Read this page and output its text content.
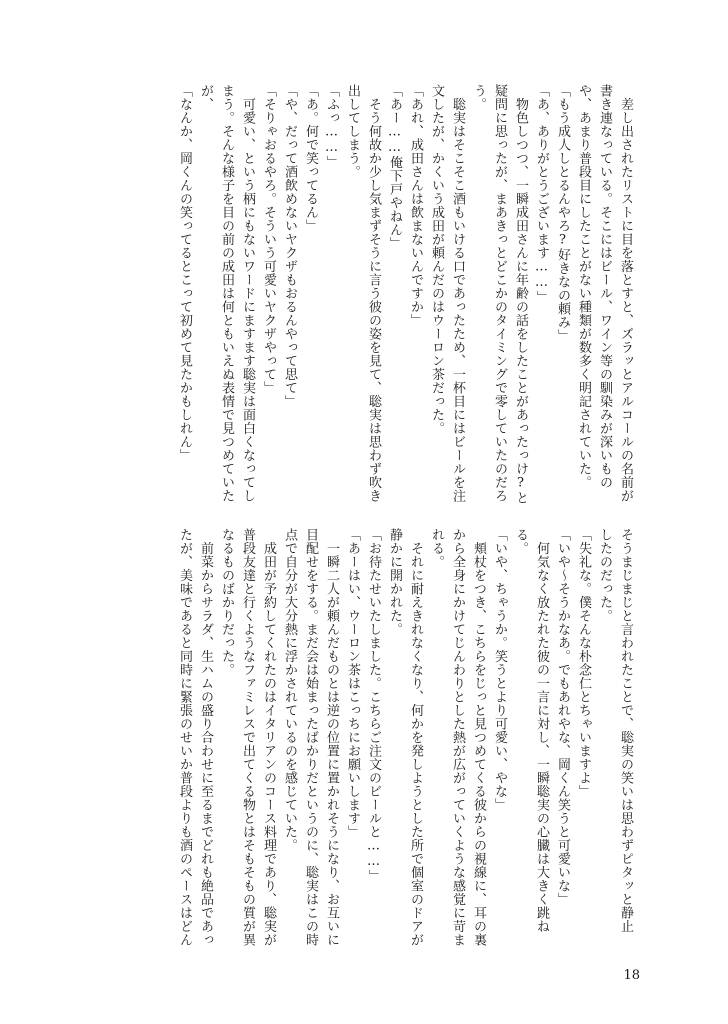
　差し出されたリストに目を落とすと、ズラッとアルコールの名前が
書き連なっている。そこにはビール、ワイン等の馴染みが深いもの
や、あまり普段目にしたことがない種類が数多く明記されていた。
「もう成人しとるんやろ?好きなの頼み」
「あ、ありがとうございます……」
　物色しつつ、一瞬成田さんに年齢の話をしたことがあったっけ?と
疑問に思ったが、まあきっとどこかのタイミングで零していたのだろ
う。
　聡実はそこそこ酒もいける口であったため、一杯目にはビールを注
文したが、かくいう成田が頼んだのはウーロン茶だった。
「あれ、成田さんは飲まないんですか」
「あー……俺下戸やねん」
　そう何故か少し気まずそうに言う彼の姿を見て、聡実は思わず吹き
出してしまう。
「ふっ……」
「あ。何で笑ってるん」
「や、だって酒飲めないヤクザもおるんやって思て」
「そりゃおるやろ。そういう可愛いヤクザやって」
　可愛い、という柄にもないワードにますます聡実は面白くなってし
まう。そんな様子を目の前の成田は何ともいえぬ表情で見つめていた
が、
「なんか、岡くんの笑ってるとこって初めて見たかもしれん」
そうまじまじと言われたことで、聡実の笑いは思わずピタッと静止
したのだった。
「失礼な。僕そんな朴念仁とちゃいますよ」
「いや〜そうかなあ。でもあれやな、岡くん笑うと可愛いな」
　何気なく放たれた彼の一言に対し、一瞬聡実の心臓は大きく跳ね
る。
「いや、ちゃうか。笑うとより可愛い、やな」
　頬杖をつき、こちらをじっと見つめてくる彼からの視線に、耳の裏
から全身にかけてじんわりとした熱が広がっていくような感覚に苛ま
れる。
　それに耐えきれなくなり、何かを発しようとした所で個室のドアが
静かに開かれた。
「お待たせいたしました。こちらご注文のビールと……」
「あーはい、ウーロン茶はこっちにお願いします」
　一瞬二人が頼んだものとは逆の位置に置かれそうになり、お互いに
目配せをする。まだ会は始まったばかりだというのに、聡実はこの時
点で自分が大分熱に浮かされているのを感じていた。
　成田が予約してくれたのはイタリアンのコース料理であり、聡実が
普段友達と行くようなファミレスで出てくる物とはそもそもの質が異
なるものばかりだった。
　前菜からサラダ、生ハムの盛り合わせに至るまでどれも絶品であっ
たが、美味であると同時に緊張のせいか普段よりも酒のペースはどん
18
